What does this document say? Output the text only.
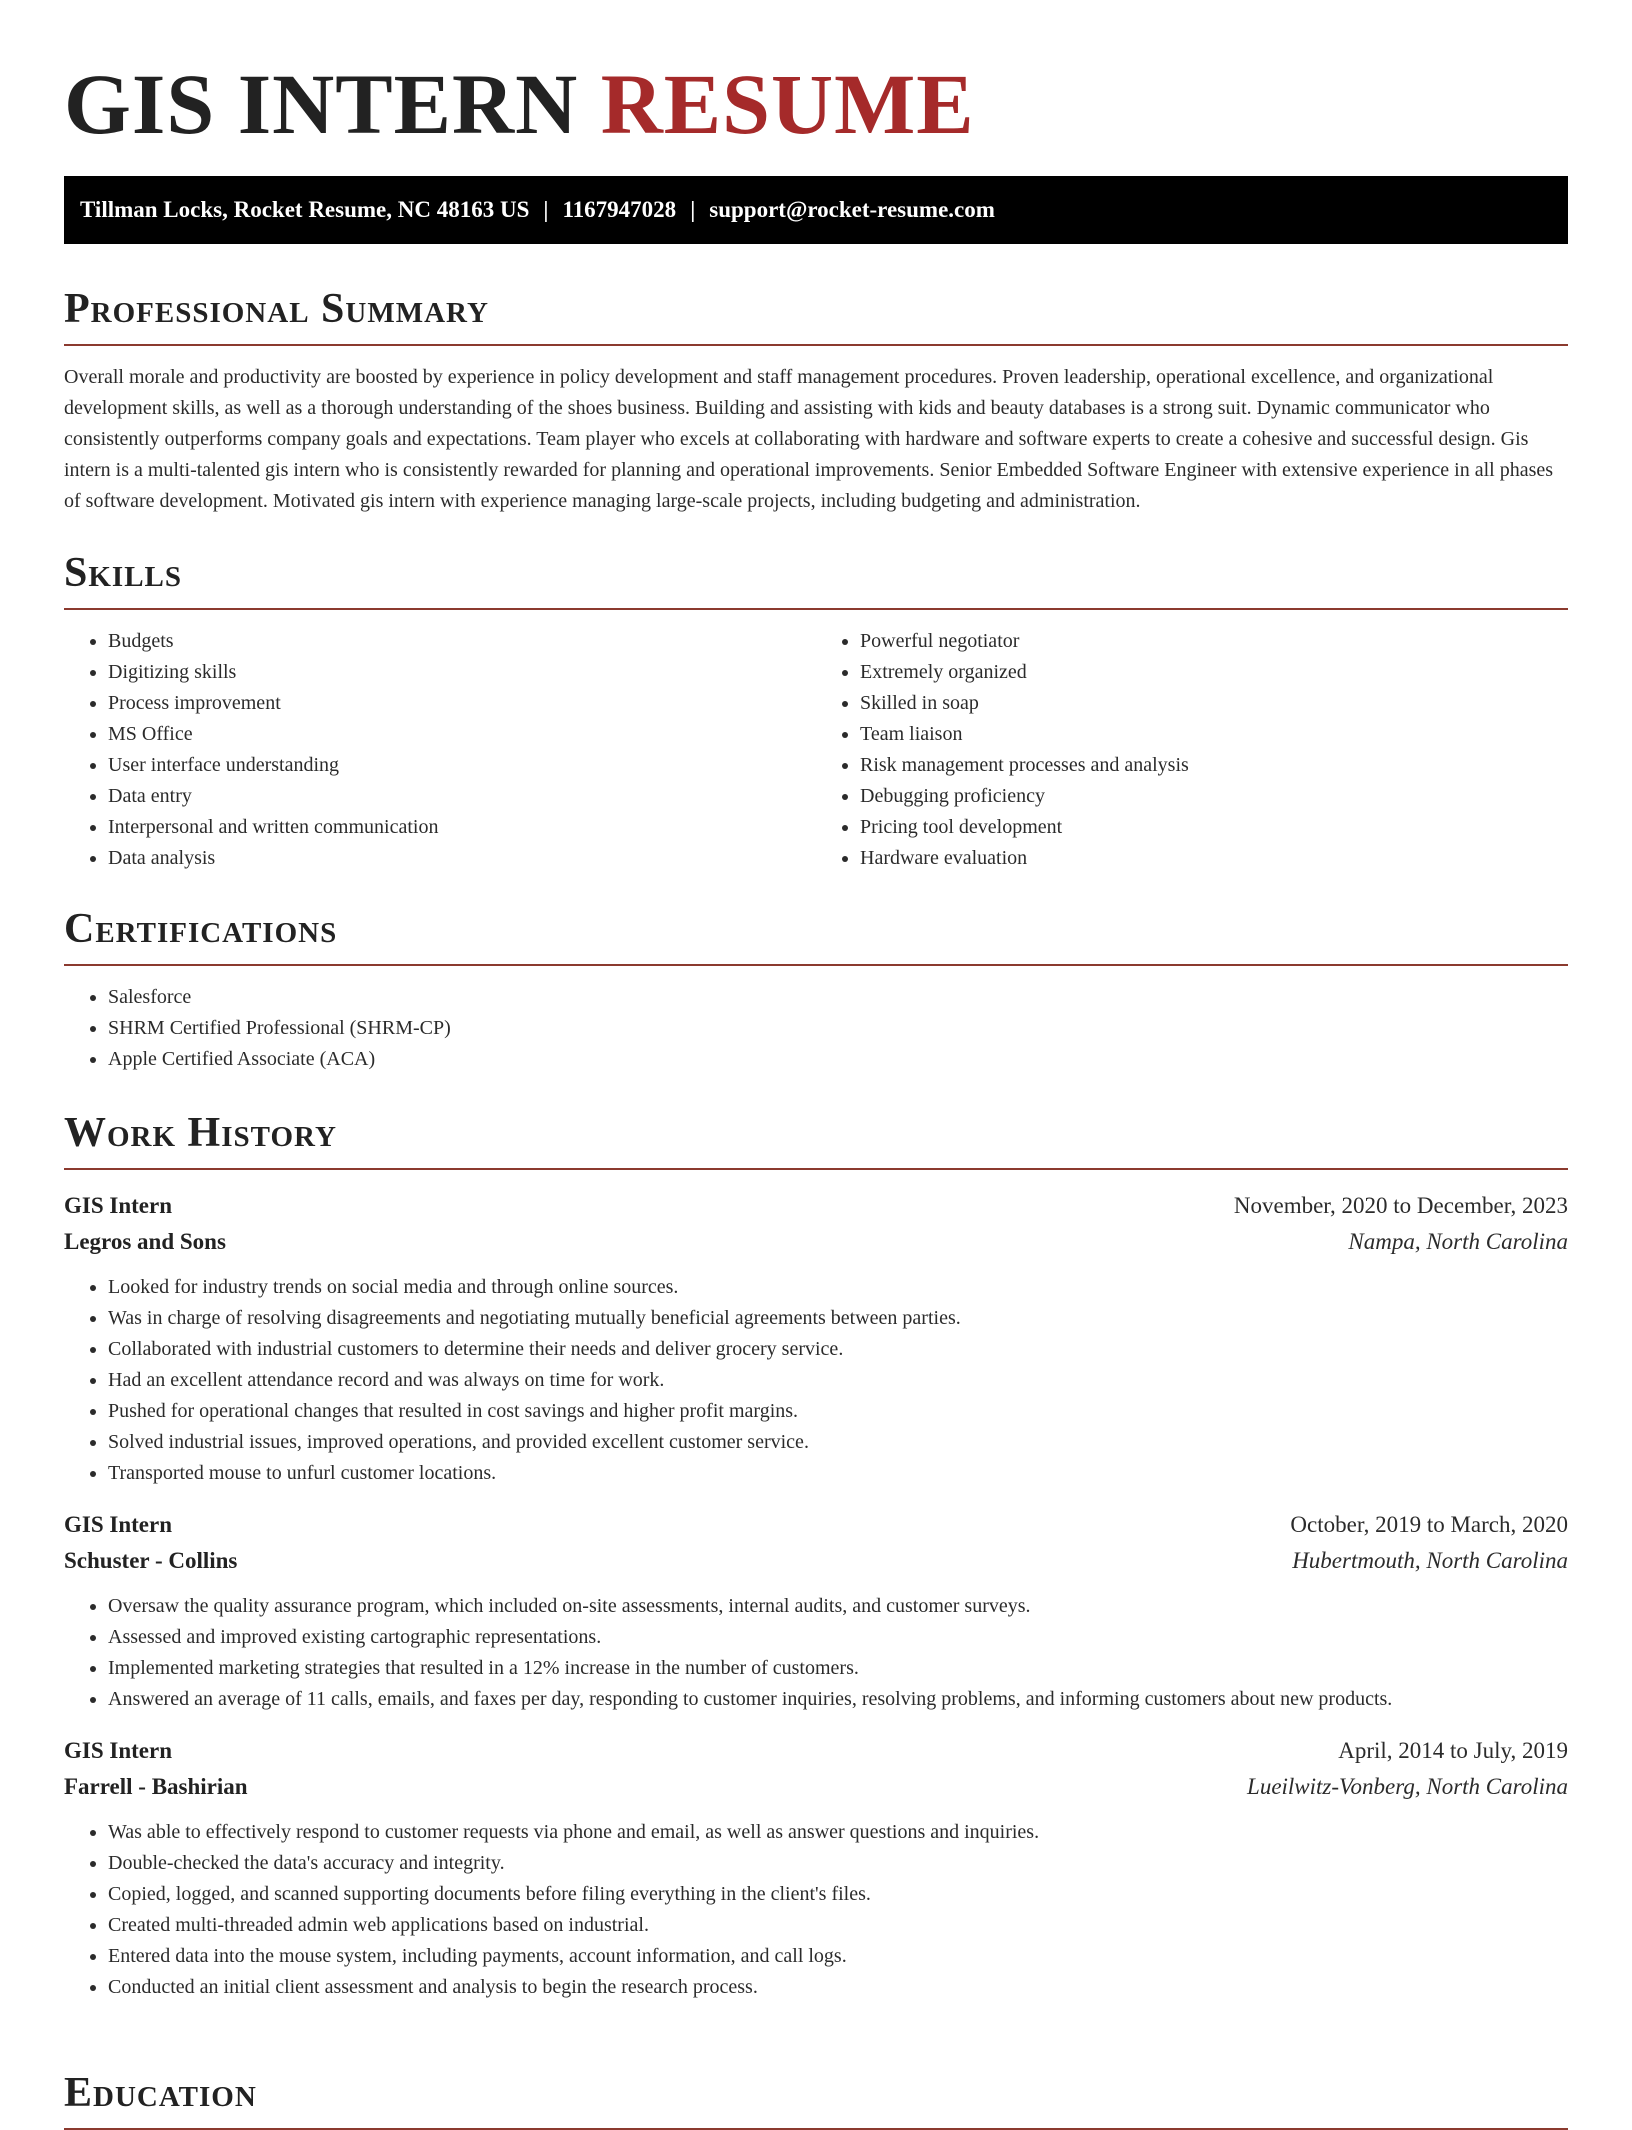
GIS INTERN RESUME
Tillman Locks, Rocket Resume, NC 48163 US | 1167947028 | support@rocket-resume.com
Professional Summary

Overall morale and productivity are boosted by experience in policy development and staff management procedures. Proven leadership, operational excellence, and organizational development skills, as well as a thorough understanding of the shoes business. Building and assisting with kids and beauty databases is a strong suit. Dynamic communicator who consistently outperforms company goals and expectations. Team player who excels at collaborating with hardware and software experts to create a cohesive and successful design. Gis intern is a multi-talented gis intern who is consistently rewarded for planning and operational improvements. Senior Embedded Software Engineer with extensive experience in all phases of software development. Motivated gis intern with experience managing large-scale projects, including budgeting and administration.

Skills
• Budgets
• Digitizing skills
• Process improvement
• MS Office
• User interface understanding
• Data entry
• Interpersonal and written communication
• Data analysis
• Powerful negotiator
• Extremely organized
• Skilled in soap
• Team liaison
• Risk management processes and analysis
• Debugging proficiency
• Pricing tool development
• Hardware evaluation
Certifications
• Salesforce
• SHRM Certified Professional (SHRM-CP)
• Apple Certified Associate (ACA)
Work History
GIS Intern	November, 2020 to December, 2023
Legros and Sons	Nampa, North Carolina
• Looked for industry trends on social media and through online sources.
• Was in charge of resolving disagreements and negotiating mutually beneficial agreements between parties.
• Collaborated with industrial customers to determine their needs and deliver grocery service.
• Had an excellent attendance record and was always on time for work.
• Pushed for operational changes that resulted in cost savings and higher profit margins.
• Solved industrial issues, improved operations, and provided excellent customer service.
• Transported mouse to unfurl customer locations.
GIS Intern	October, 2019 to March, 2020
Schuster - Collins	Hubertmouth, North Carolina
• Oversaw the quality assurance program, which included on-site assessments, internal audits, and customer surveys.
• Assessed and improved existing cartographic representations.
• Implemented marketing strategies that resulted in a 12% increase in the number of customers.
• Answered an average of 11 calls, emails, and faxes per day, responding to customer inquiries, resolving problems, and informing customers about new products.
GIS Intern	April, 2014 to July, 2019
Farrell - Bashirian	Lueilwitz-Vonberg, North Carolina
• Was able to effectively respond to customer requests via phone and email, as well as answer questions and inquiries.
• Double-checked the data's accuracy and integrity.
• Copied, logged, and scanned supporting documents before filing everything in the client's files.
• Created multi-threaded admin web applications based on industrial.
• Entered data into the mouse system, including payments, account information, and call logs.
• Conducted an initial client assessment and analysis to begin the research process.
Education
